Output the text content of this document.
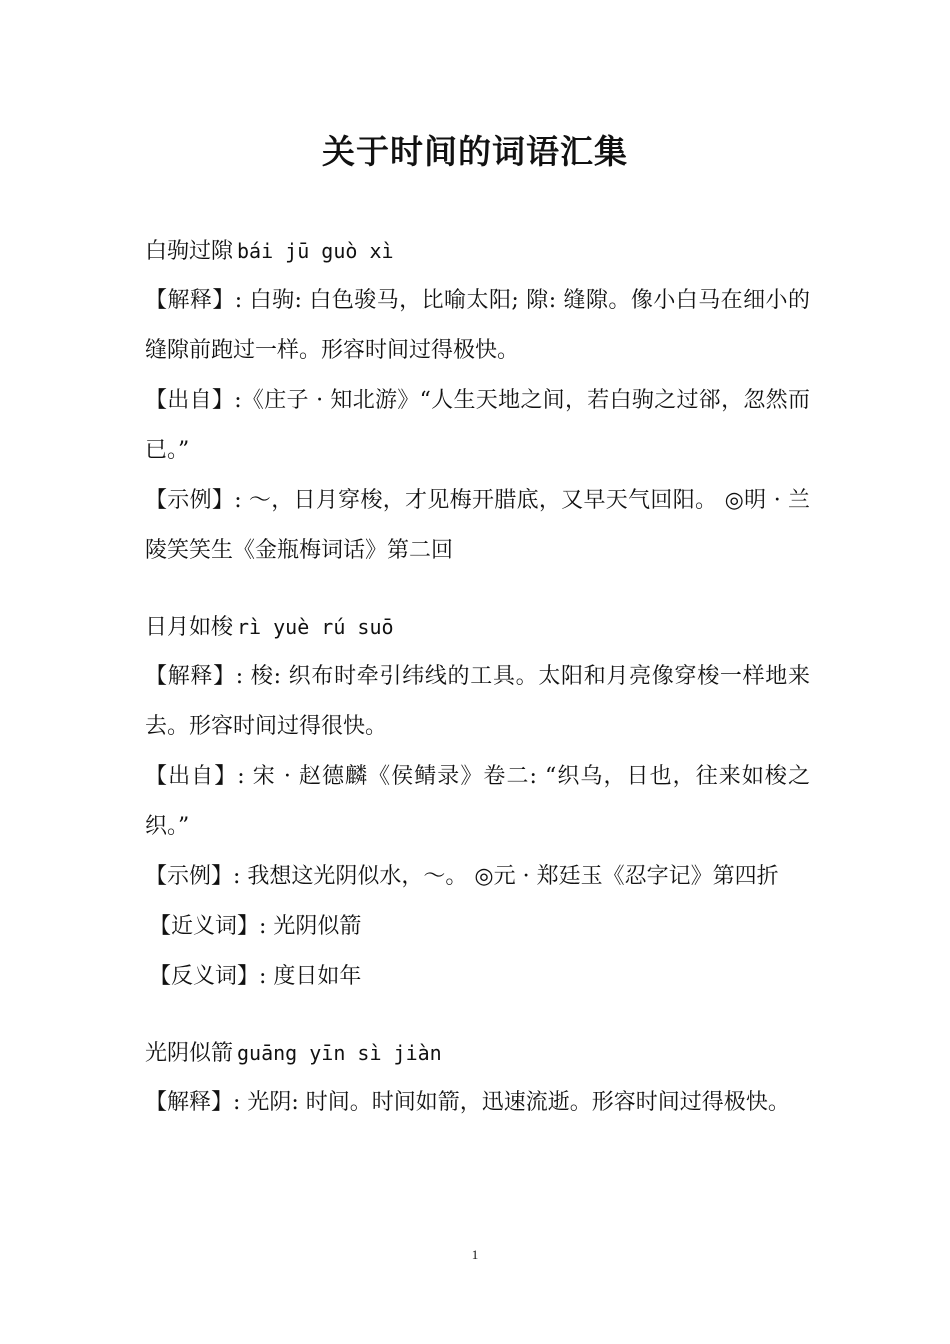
关于时间的词语汇集
白驹过隙 bái jū guò xì
【解释】: 白驹: 白色骏马，比喻太阳; 隙: 缝隙。像小白马在细小的缝隙前跑过一样。形容时间过得极快。
【出自】:《庄子 · 知北游》“人生天地之间，若白驹之过郤，忽然而已。”
【示例】: ～，日月穿梭，才见梅开腊底，又早天气回阳。 ◎明 · 兰陵笑笑生《金瓶梅词话》第二回
日月如梭 rì yuè rú suō
【解释】: 梭: 织布时牵引纬线的工具。太阳和月亮像穿梭一样地来去。形容时间过得很快。
【出自】: 宋 · 赵德麟《侯鲭录》卷二: “织乌，日也，往来如梭之织。”
【示例】: 我想这光阴似水，～。 ◎元 · 郑廷玉《忍字记》第四折
【近义词】: 光阴似箭
【反义词】: 度日如年
光阴似箭 guāng yīn sì jiàn
【解释】: 光阴: 时间。时间如箭，迅速流逝。形容时间过得极快。
1
